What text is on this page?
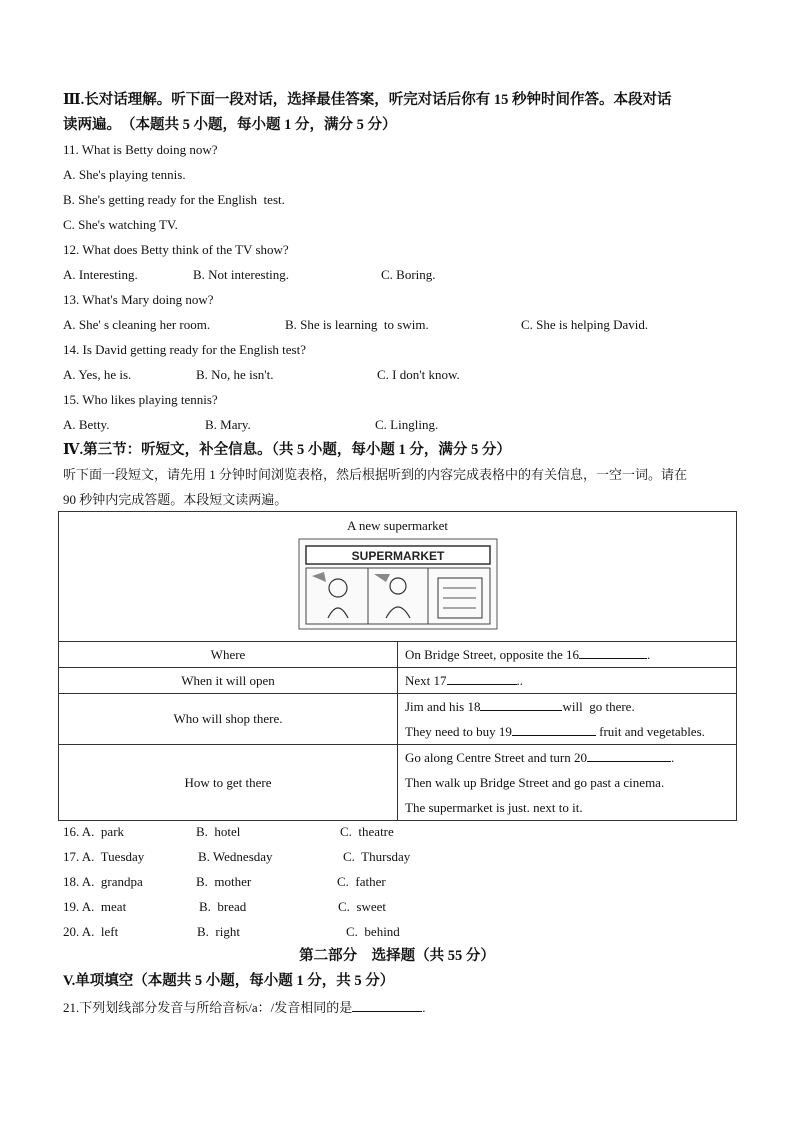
Ⅲ.长对话理解。听下面一段对话，选择最佳答案，听完对话后你有 15 秒钟时间作答。本段对话
读两遍。　（本题共 5 小题，每小题 1 分，满分 5 分）
11. What is Betty doing now?
A. She's playing tennis.
B. She's getting ready for the English  test.
C. She's watching TV.
12. What does Betty think of the TV show?
A. Interesting.	B. Not interesting.	C. Boring.
13. What's Mary doing now?
A. She' s cleaning her room.	B. She is learning  to swim.	C. She is helping David.
14. Is David getting ready for the English test?
A. Yes, he is.	B. No, he isn't.	C. I don't know.
15. Who likes playing tennis?
A. Betty.	B. Mary.	C. Lingling.
Ⅳ.第三节：听短文，补全信息。（共 5 小题，每小题 1 分，满分 5 分）
听下面一段短文，请先用 1 分钟时间浏览表格，然后根据听到的内容完成表格中的有关信息，一空一词。请在
90 秒钟内完成答题。本段短文读两遍。
A new supermarket
SUPERMARKET	

Where	On Bridge Street, opposite the 16 .

When it will open	Next 17 ..

Who will shop there.	Jim and his 18 will  go there.
They need to buy 19 fruit and vegetables.

How to get there	Go along Centre Street and turn 20 .
Then walk up Bridge Street and go past a cinema.
The supermarket is just. next to it.
16. A.  park	B.  hotel	C.  theatre
17. A.  Tuesday	B. Wednesday	C.  Thursday
18. A.  grandpa	B.  mother	C.  father
19. A.  meat	B.  bread	C.  sweet
20. A.  left	B.  right	C.  behind
第二部分　选择题（共 55 分）
V.单项填空（本题共 5 小题，每小题 1 分，共 5 分）
21.下列划线部分发音与所给音标/a：/发音相同的是	.
